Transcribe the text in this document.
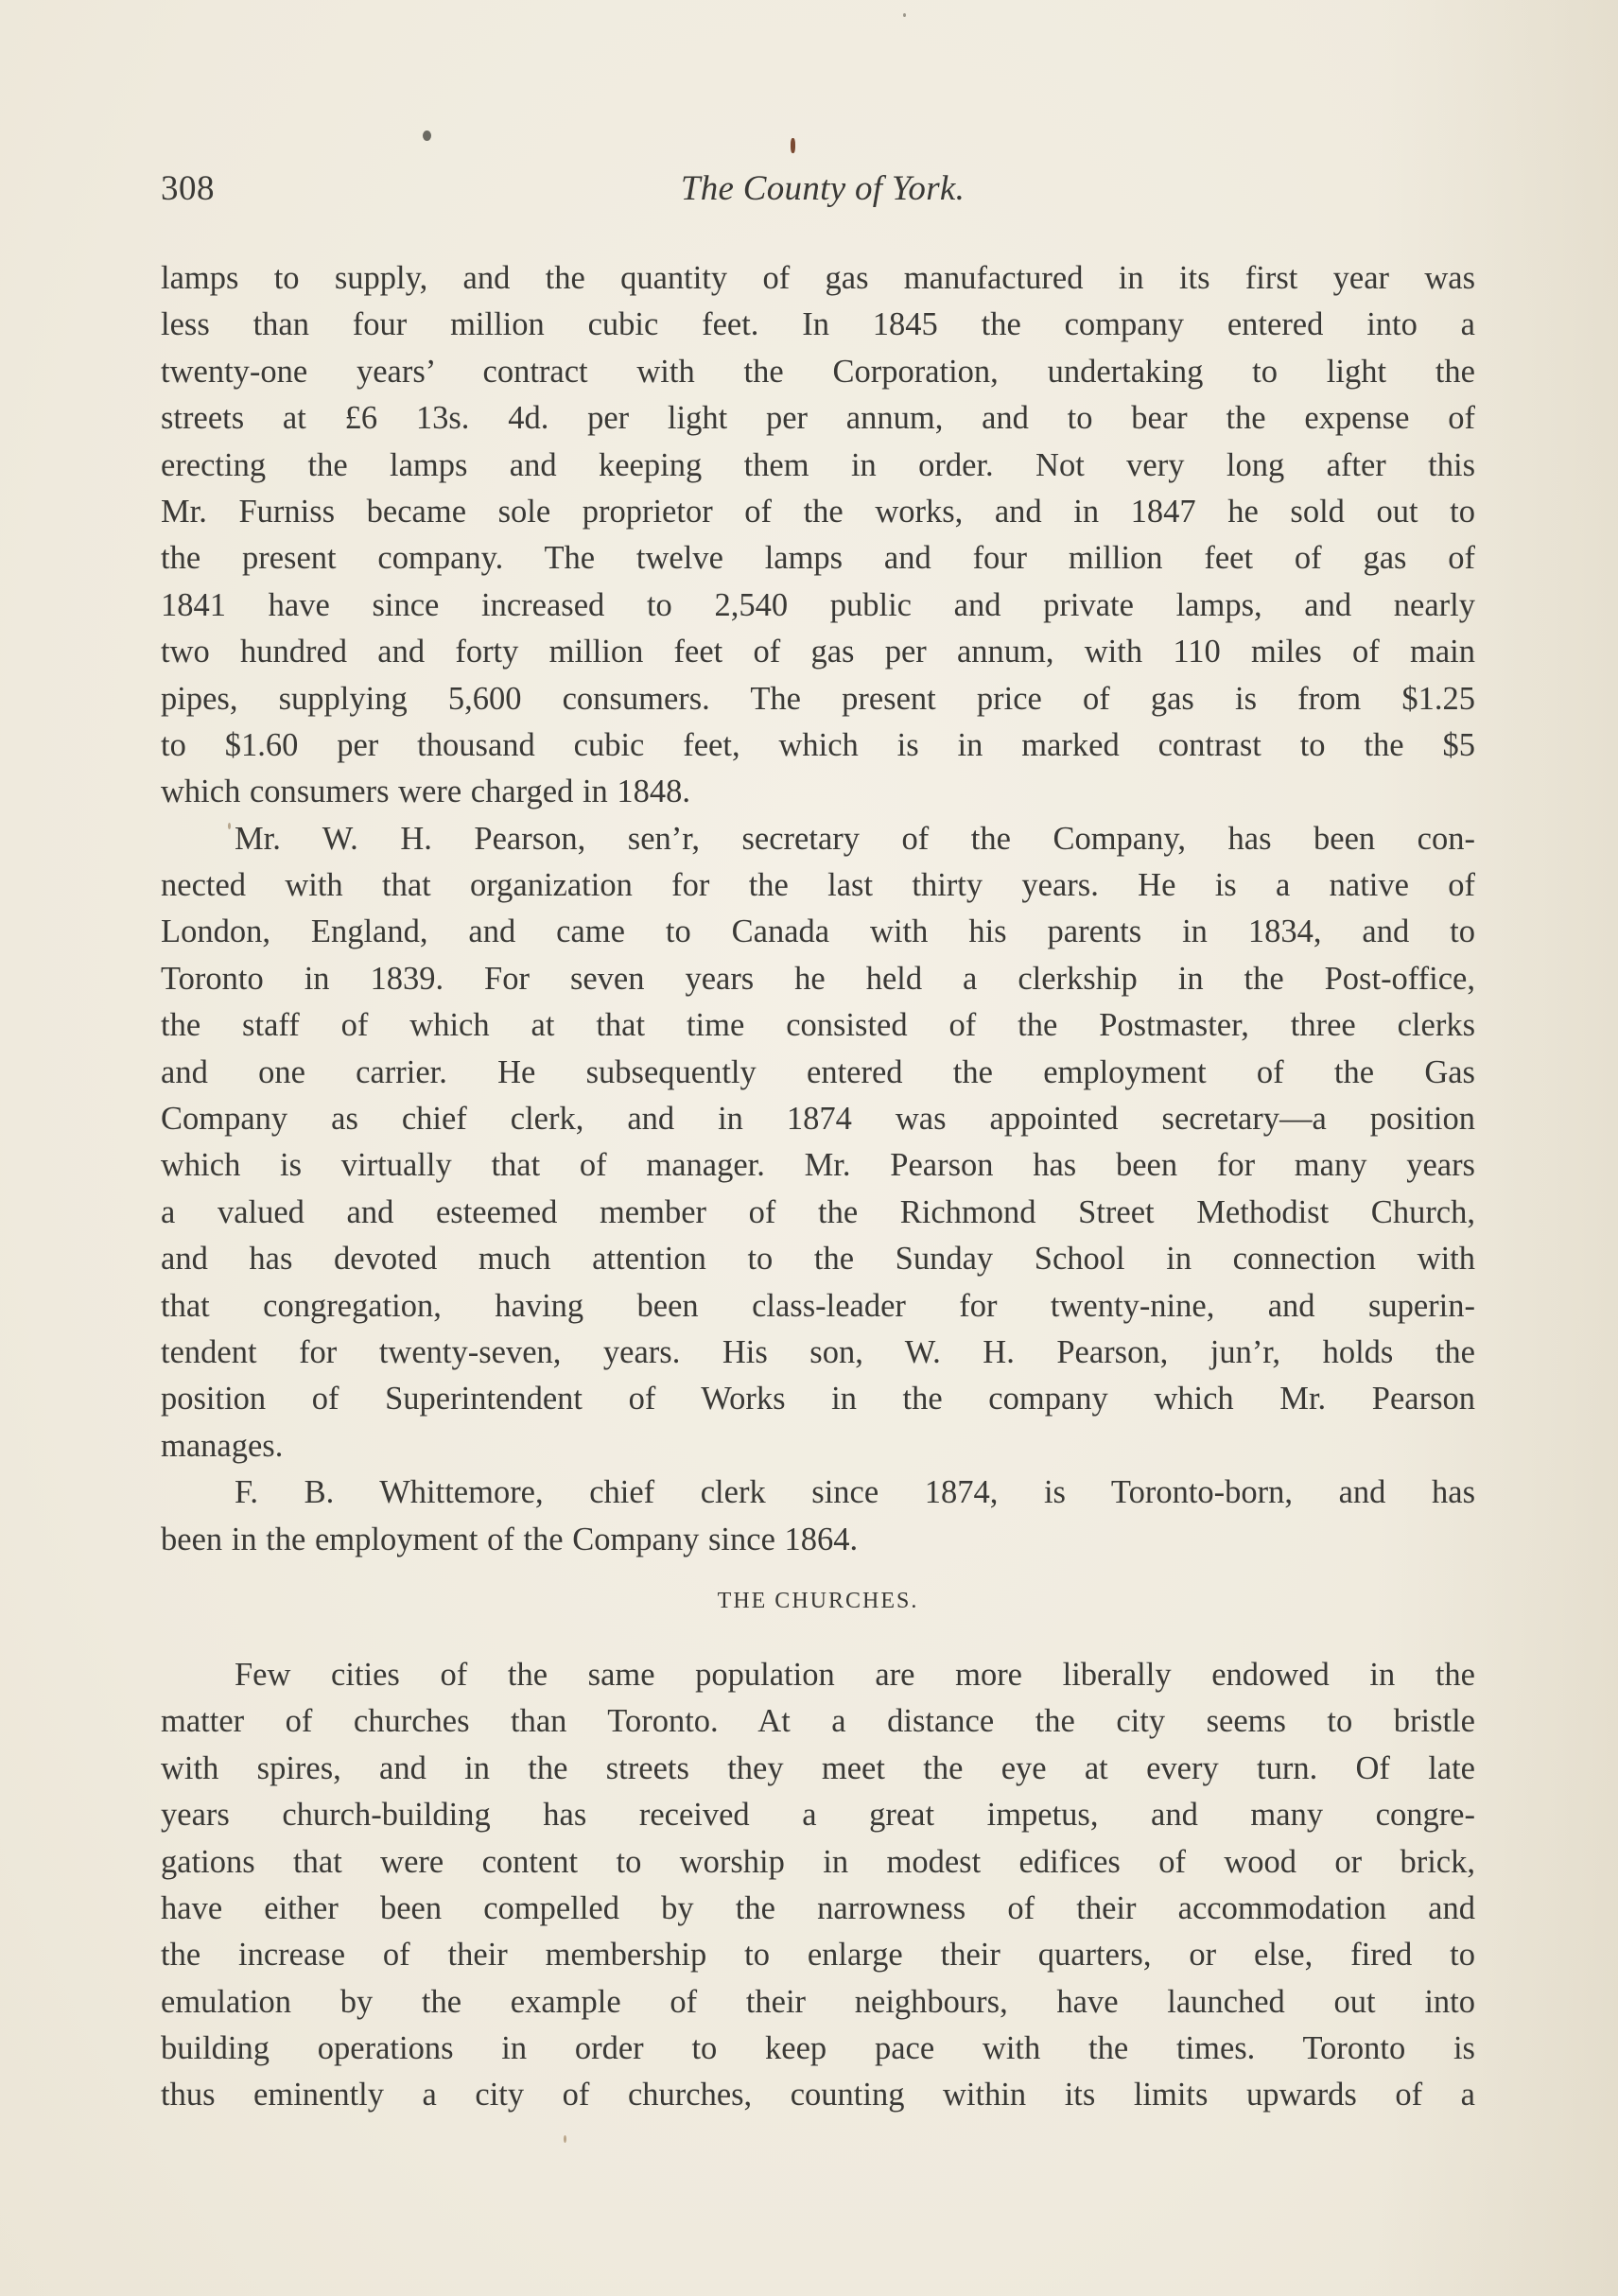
308	The County of York.
lamps to supply, and the quantity of gas manufactured in its first year was
less than four million cubic feet. In 1845 the company entered into a
twenty-one years’ contract with the Corporation, undertaking to light the
streets at £6 13s. 4d. per light per annum, and to bear the expense of
erecting the lamps and keeping them in order. Not very long after this
Mr. Furniss became sole proprietor of the works, and in 1847 he sold out to
the present company. The twelve lamps and four million feet of gas of
1841 have since increased to 2,540 public and private lamps, and nearly
two hundred and forty million feet of gas per annum, with 110 miles of main
pipes, supplying 5,600 consumers. The present price of gas is from $1.25
to $1.60 per thousand cubic feet, which is in marked contrast to the $5
which consumers were charged in 1848.
Mr. W. H. Pearson, sen’r, secretary of the Company, has been con-
nected with that organization for the last thirty years. He is a native of
London, England, and came to Canada with his parents in 1834, and to
Toronto in 1839. For seven years he held a clerkship in the Post-office,
the staff of which at that time consisted of the Postmaster, three clerks
and one carrier. He subsequently entered the employment of the Gas
Company as chief clerk, and in 1874 was appointed secretary—a position
which is virtually that of manager. Mr. Pearson has been for many years
a valued and esteemed member of the Richmond Street Methodist Church,
and has devoted much attention to the Sunday School in connection with
that congregation, having been class-leader for twenty-nine, and superin-
tendent for twenty-seven, years. His son, W. H. Pearson, jun’r, holds the
position of Superintendent of Works in the company which Mr. Pearson
manages.
F. B. Whittemore, chief clerk since 1874, is Toronto-born, and has
been in the employment of the Company since 1864.
THE CHURCHES.
Few cities of the same population are more liberally endowed in the
matter of churches than Toronto. At a distance the city seems to bristle
with spires, and in the streets they meet the eye at every turn. Of late
years church-building has received a great impetus, and many congre-
gations that were content to worship in modest edifices of wood or brick,
have either been compelled by the narrowness of their accommodation and
the increase of their membership to enlarge their quarters, or else, fired to
emulation by the example of their neighbours, have launched out into
building operations in order to keep pace with the times. Toronto is
thus eminently a city of churches, counting within its limits upwards of a
